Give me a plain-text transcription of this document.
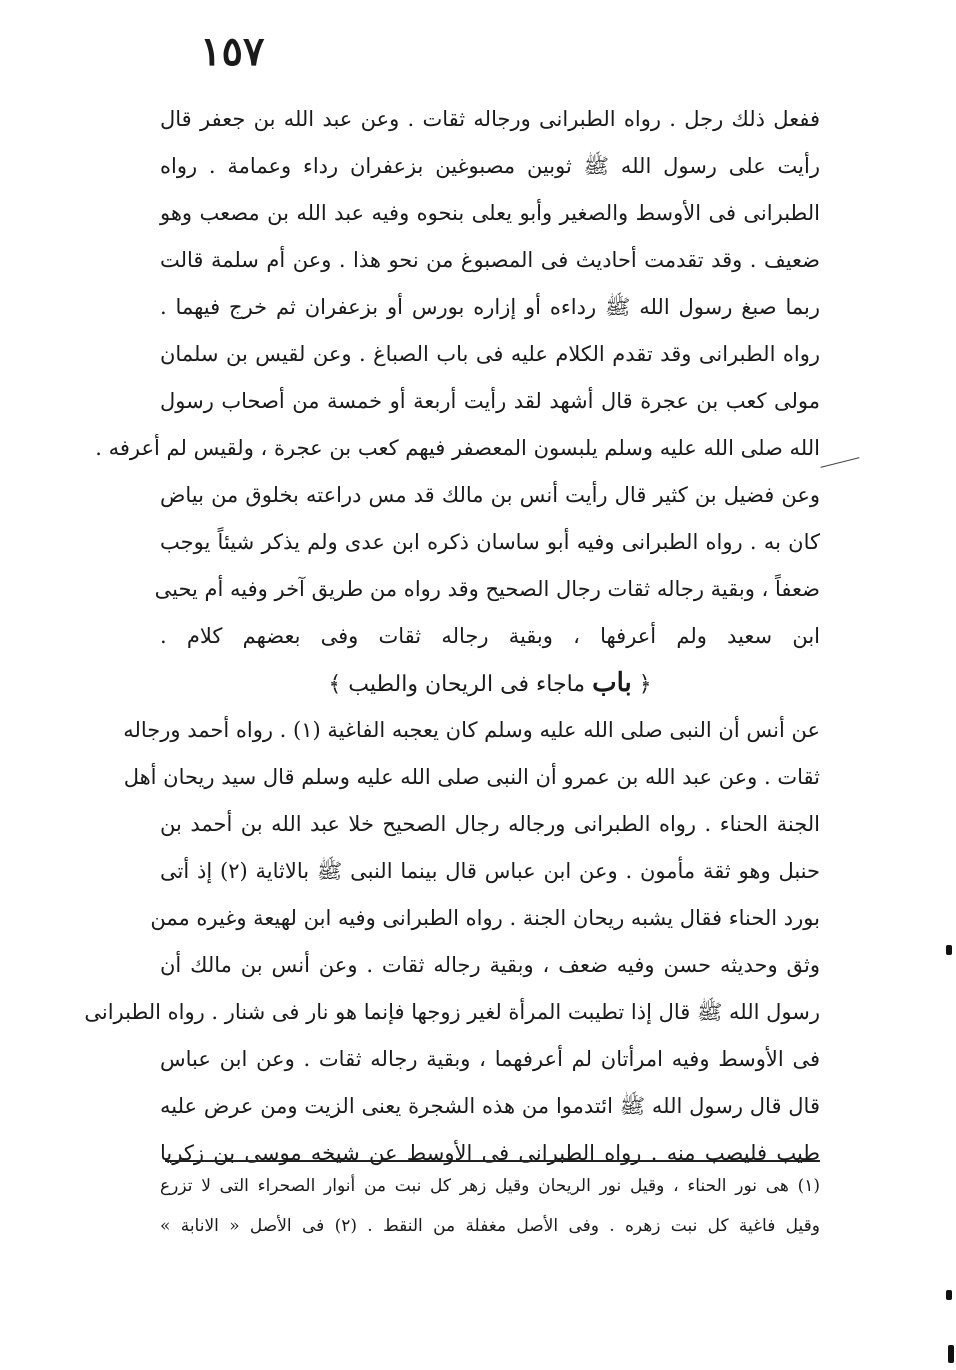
١٥٧
ففعل ذلك رجل . رواه الطبرانى ورجاله ثقات . وعن عبد الله بن جعفر قال
رأيت على رسول الله ﷺ ثوبين مصبوغين بزعفران رداء وعمامة . رواه
الطبرانى فى الأوسط والصغير وأبو يعلى بنحوه وفيه عبد الله بن مصعب وهو
ضعيف . وقد تقدمت أحاديث فى المصبوغ من نحو هذا . وعن أم سلمة قالت
ربما صبغ رسول الله ﷺ رداءه أو إزاره بورس أو بزعفران ثم خرج فيهما .
رواه الطبرانى وقد تقدم الكلام عليه فى باب الصباغ . وعن لقيس بن سلمان
مولى كعب بن عجرة قال أشهد لقد رأيت أربعة أو خمسة من أصحاب رسول
الله صلى الله عليه وسلم يلبسون المعصفر فيهم كعب بن عجرة ، ولقيس لم أعرفه .
وعن فضيل بن كثير قال رأيت أنس بن مالك قد مس دراعته بخلوق من بياض
كان به . رواه الطبرانى وفيه أبو ساسان ذكره ابن عدى ولم يذكر شيئاً يوجب
ضعفاً ، وبقية رجاله ثقات رجال الصحيح وقد رواه من طريق آخر وفيه أم يحيى
ابن سعيد ولم أعرفها ، وبقية رجاله ثقات وفى بعضهم كلام .
﴿ باب ماجاء فى الريحان والطيب ﴾
عن أنس أن النبى صلى الله عليه وسلم كان يعجبه الفاغية (١) . رواه أحمد ورجاله
ثقات . وعن عبد الله بن عمرو أن النبى صلى الله عليه وسلم قال سيد ريحان أهل
الجنة الحناء . رواه الطبرانى ورجاله رجال الصحيح خلا عبد الله بن أحمد بن
حنبل وهو ثقة مأمون . وعن ابن عباس قال بينما النبى ﷺ بالاثاية (٢) إذ أتى
بورد الحناء فقال يشبه ريحان الجنة . رواه الطبرانى وفيه ابن لهيعة وغيره ممن
وثق وحديثه حسن وفيه ضعف ، وبقية رجاله ثقات . وعن أنس بن مالك أن
رسول الله ﷺ قال إذا تطيبت المرأة لغير زوجها فإنما هو نار فى شنار . رواه الطبرانى
فى الأوسط وفيه امرأتان لم أعرفهما ، وبقية رجاله ثقات . وعن ابن عباس
قال قال رسول الله ﷺ ائتدموا من هذه الشجرة يعنى الزيت ومن عرض عليه
طيب فليصب منه . رواه الطبرانى فى الأوسط عن شيخه موسى بن زكريا
(١) هى نور الحناء ، وقيل نور الريحان وقيل زهر كل نبت من أنوار الصحراء التى لا تزرع
وقيل فاغية كل نبت زهره . وفى الأصل مغفلة من النقط . (٢) فى الأصل « الانابة »
